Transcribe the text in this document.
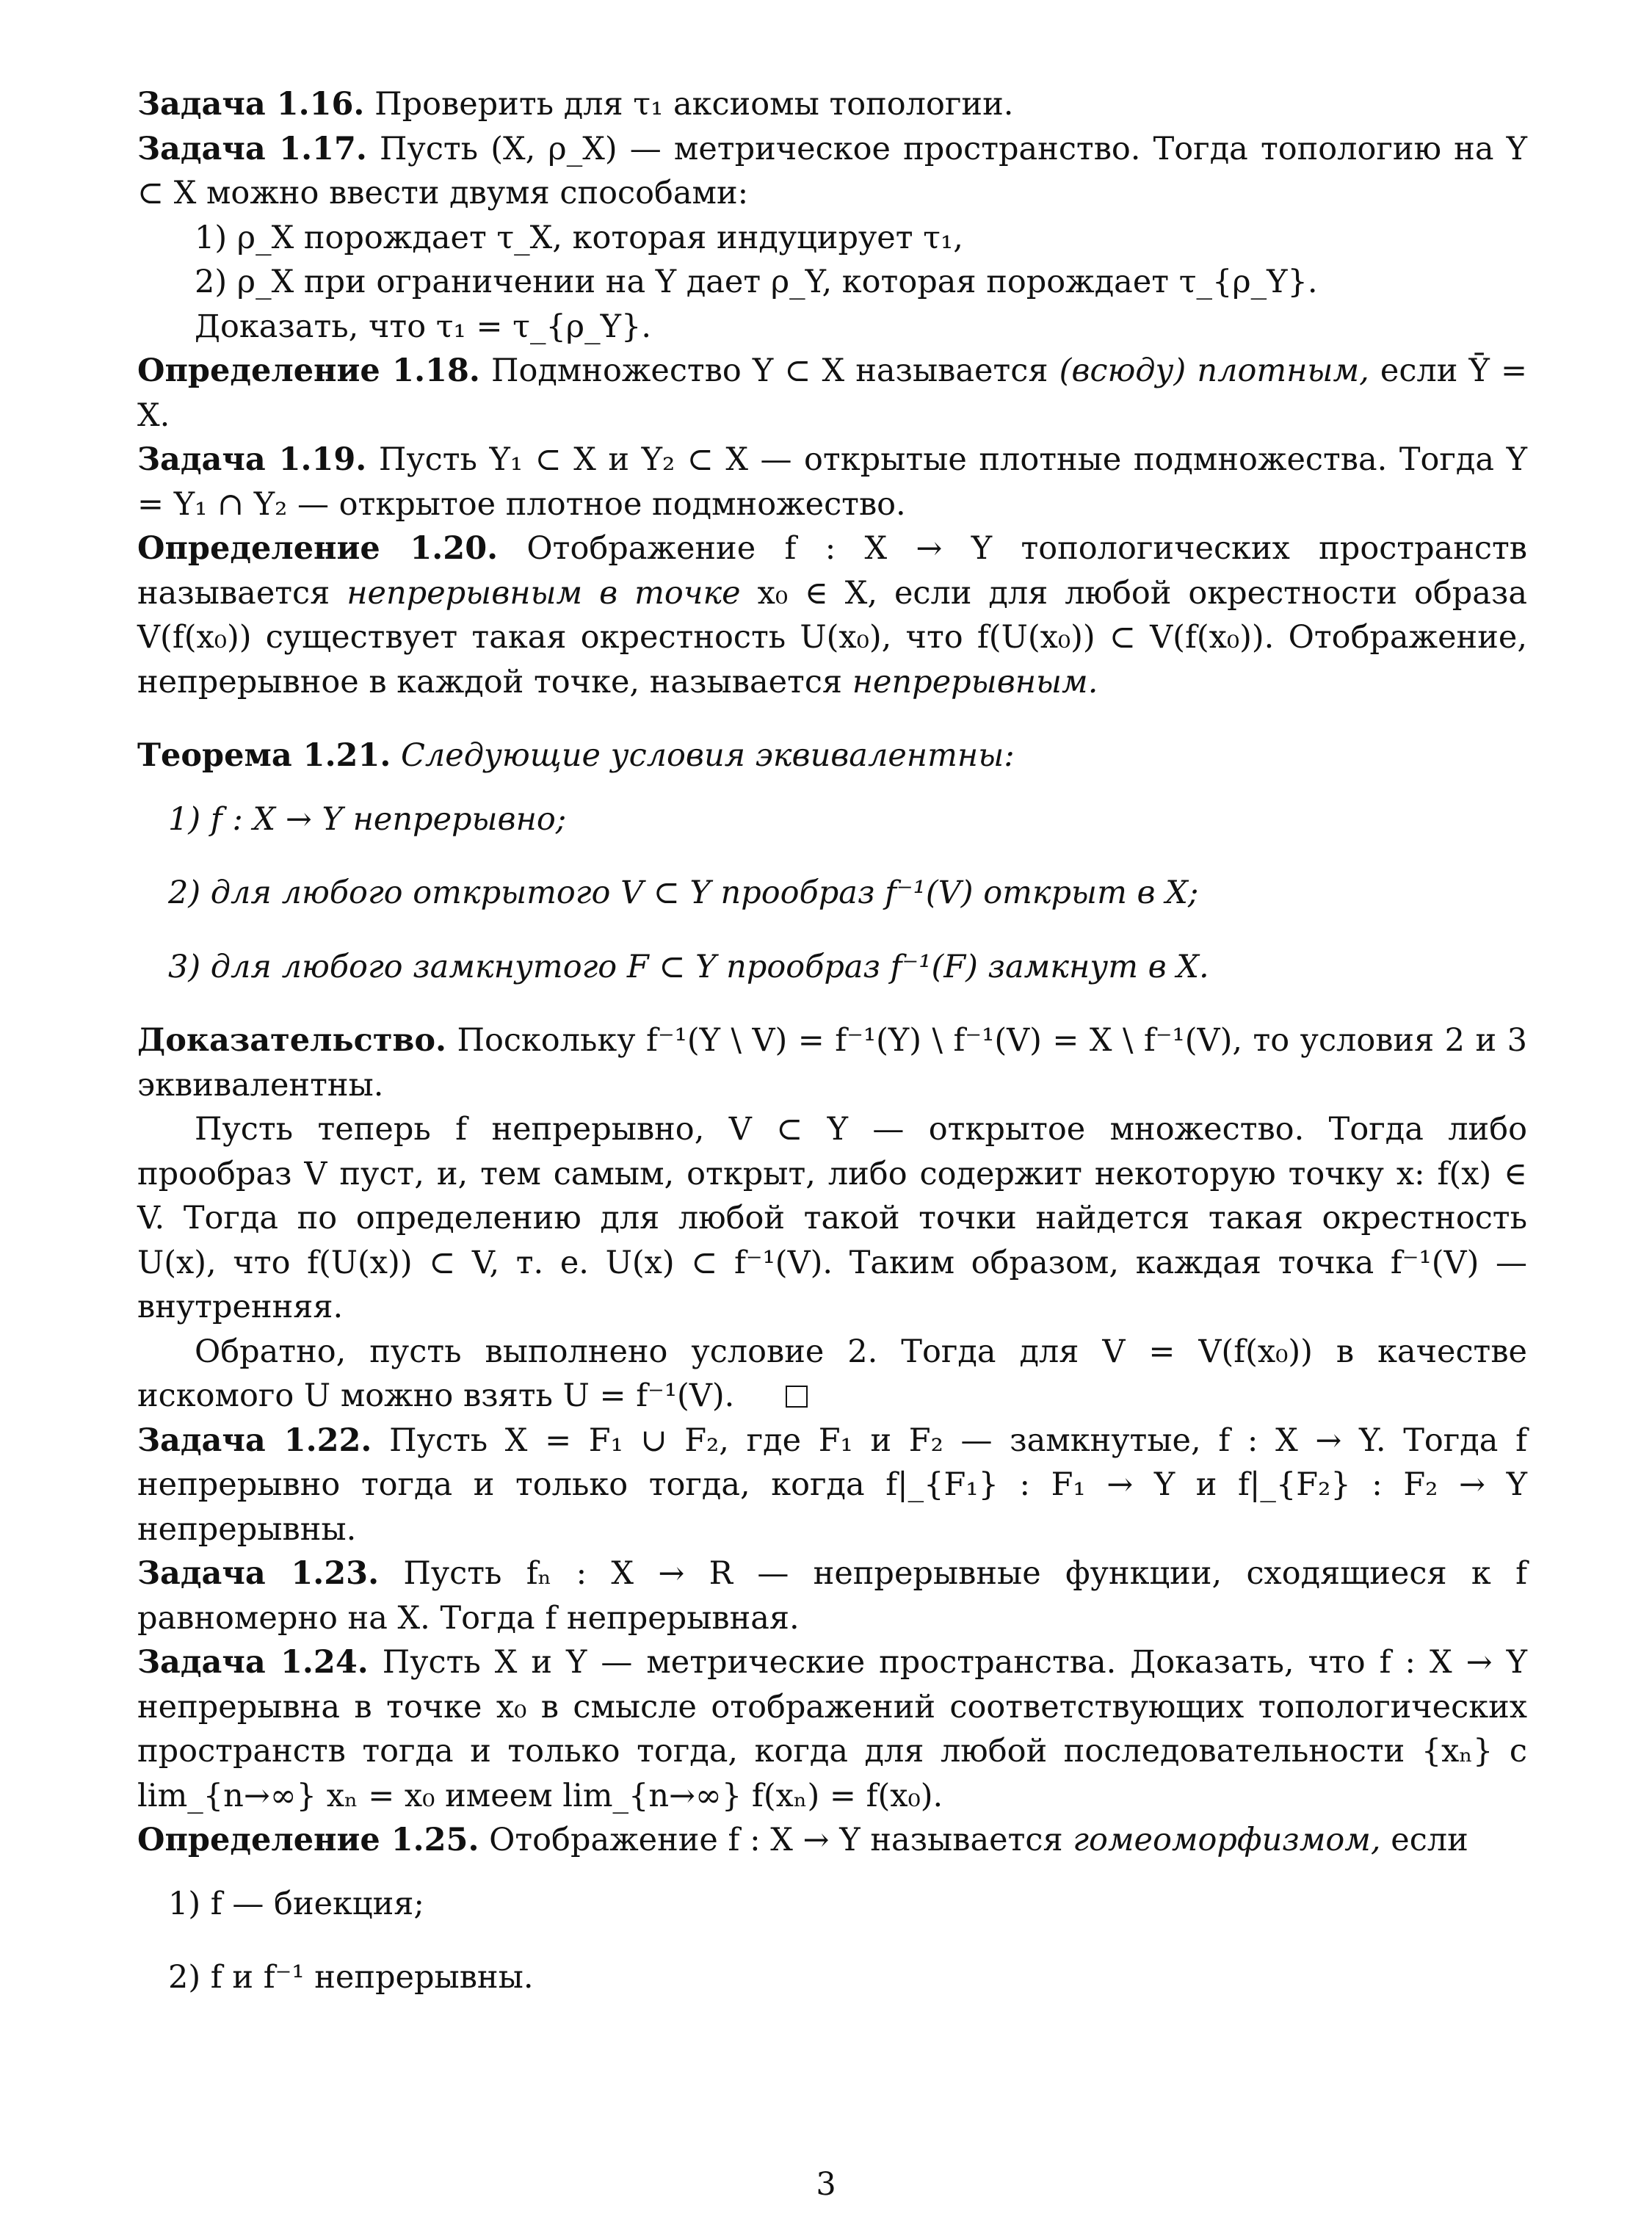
Задача 1.16. Проверить для τ₁ аксиомы топологии.

Задача 1.17. Пусть (X, ρ_X) — метрическое пространство. Тогда топологию на Y ⊂ X можно ввести двумя способами:

1) ρ_X порождает τ_X, которая индуцирует τ₁,

2) ρ_X при ограничении на Y дает ρ_Y, которая порождает τ_{ρ_Y}.

Доказать, что τ₁ = τ_{ρ_Y}.

Определение 1.18. Подмножество Y ⊂ X называется (всюду) плотным, если Ȳ = X.

Задача 1.19. Пусть Y₁ ⊂ X и Y₂ ⊂ X — открытые плотные подмножества. Тогда Y = Y₁ ∩ Y₂ — открытое плотное подмножество.

Определение 1.20. Отображение f : X → Y топологических пространств называется непрерывным в точке x₀ ∈ X, если для любой окрестности образа V(f(x₀)) существует такая окрестность U(x₀), что f(U(x₀)) ⊂ V(f(x₀)). Отображение, непрерывное в каждой точке, называется непрерывным.

Теорема 1.21. Следующие условия эквивалентны:

1) f : X → Y непрерывно;

2) для любого открытого V ⊂ Y прообраз f⁻¹(V) открыт в X;

3) для любого замкнутого F ⊂ Y прообраз f⁻¹(F) замкнут в X.

Доказательство. Поскольку f⁻¹(Y \ V) = f⁻¹(Y) \ f⁻¹(V) = X \ f⁻¹(V), то условия 2 и 3 эквивалентны.

Пусть теперь f непрерывно, V ⊂ Y — открытое множество. Тогда либо прообраз V пуст, и, тем самым, открыт, либо содержит некоторую точку x: f(x) ∈ V. Тогда по определению для любой такой точки найдется такая окрестность U(x), что f(U(x)) ⊂ V, т. е. U(x) ⊂ f⁻¹(V). Таким образом, каждая точка f⁻¹(V) — внутренняя.

Обратно, пусть выполнено условие 2. Тогда для V = V(f(x₀)) в качестве искомого U можно взять U = f⁻¹(V).

Задача 1.22. Пусть X = F₁ ∪ F₂, где F₁ и F₂ — замкнутые, f : X → Y. Тогда f непрерывно тогда и только тогда, когда f|_{F₁} : F₁ → Y и f|_{F₂} : F₂ → Y непрерывны.

Задача 1.23. Пусть fₙ : X → R — непрерывные функции, сходящиеся к f равномерно на X. Тогда f непрерывная.

Задача 1.24. Пусть X и Y — метрические пространства. Доказать, что f : X → Y непрерывна в точке x₀ в смысле отображений соответствующих топологических пространств тогда и только тогда, когда для любой последовательности {xₙ} с lim_{n→∞} xₙ = x₀ имеем lim_{n→∞} f(xₙ) = f(x₀).

Определение 1.25. Отображение f : X → Y называется гомеоморфизмом, если

1) f — биекция;

2) f и f⁻¹ непрерывны.

3
